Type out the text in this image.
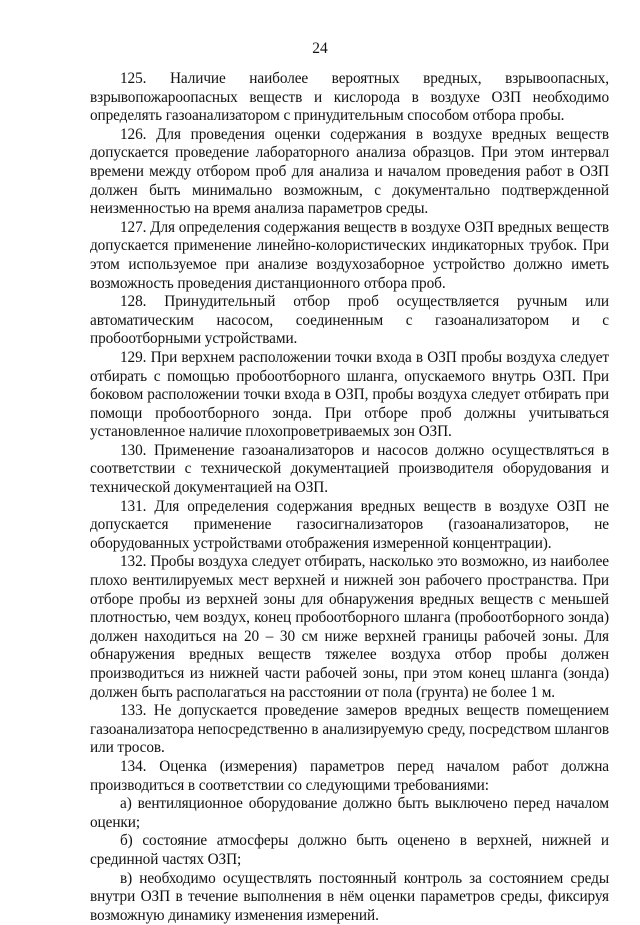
24

125. Наличие наиболее вероятных вредных, взрывоопасных, взрывопожароопасных веществ и кислорода в воздухе ОЗП необходимо определять газоанализатором с принудительным способом отбора пробы.

126. Для проведения оценки содержания в воздухе вредных веществ допускается проведение лабораторного анализа образцов. При этом интервал времени между отбором проб для анализа и началом проведения работ в ОЗП должен быть минимально возможным, с документально подтвержденной неизменностью на время анализа параметров среды.

127. Для определения содержания веществ в воздухе ОЗП вредных веществ допускается применение линейно-колористических индикаторных трубок. При этом используемое при анализе воздухозаборное устройство должно иметь возможность проведения дистанционного отбора проб.

128. Принудительный отбор проб осуществляется ручным или автоматическим насосом, соединенным с газоанализатором и с пробоотборными устройствами.

129. При верхнем расположении точки входа в ОЗП пробы воздуха следует отбирать с помощью пробоотборного шланга, опускаемого внутрь ОЗП. При боковом расположении точки входа в ОЗП, пробы воздуха следует отбирать при помощи пробоотборного зонда. При отборе проб должны учитываться установленное наличие плохопроветриваемых зон ОЗП.

130. Применение газоанализаторов и насосов должно осуществляться в соответствии с технической документацией производителя оборудования и технической документацией на ОЗП.

131. Для определения содержания вредных веществ в воздухе ОЗП не допускается применение газосигнализаторов (газоанализаторов, не оборудованных устройствами отображения измеренной концентрации).

132. Пробы воздуха следует отбирать, насколько это возможно, из наиболее плохо вентилируемых мест верхней и нижней зон рабочего пространства. При отборе пробы из верхней зоны для обнаружения вредных веществ с меньшей плотностью, чем воздух, конец пробоотборного шланга (пробоотборного зонда) должен находиться на 20 – 30 см ниже верхней границы рабочей зоны. Для обнаружения вредных веществ тяжелее воздуха отбор пробы должен производиться из нижней части рабочей зоны, при этом конец шланга (зонда) должен быть располагаться на расстоянии от пола (грунта) не более 1 м.

133. Не допускается проведение замеров вредных веществ помещением газоанализатора непосредственно в анализируемую среду, посредством шлангов или тросов.

134. Оценка (измерения) параметров перед началом работ должна производиться в соответствии со следующими требованиями:

а) вентиляционное оборудование должно быть выключено перед началом оценки;

б) состояние атмосферы должно быть оценено в верхней, нижней и срединной частях ОЗП;

в) необходимо осуществлять постоянный контроль за состоянием среды внутри ОЗП в течение выполнения в нём оценки параметров среды, фиксируя возможную динамику изменения измерений.
